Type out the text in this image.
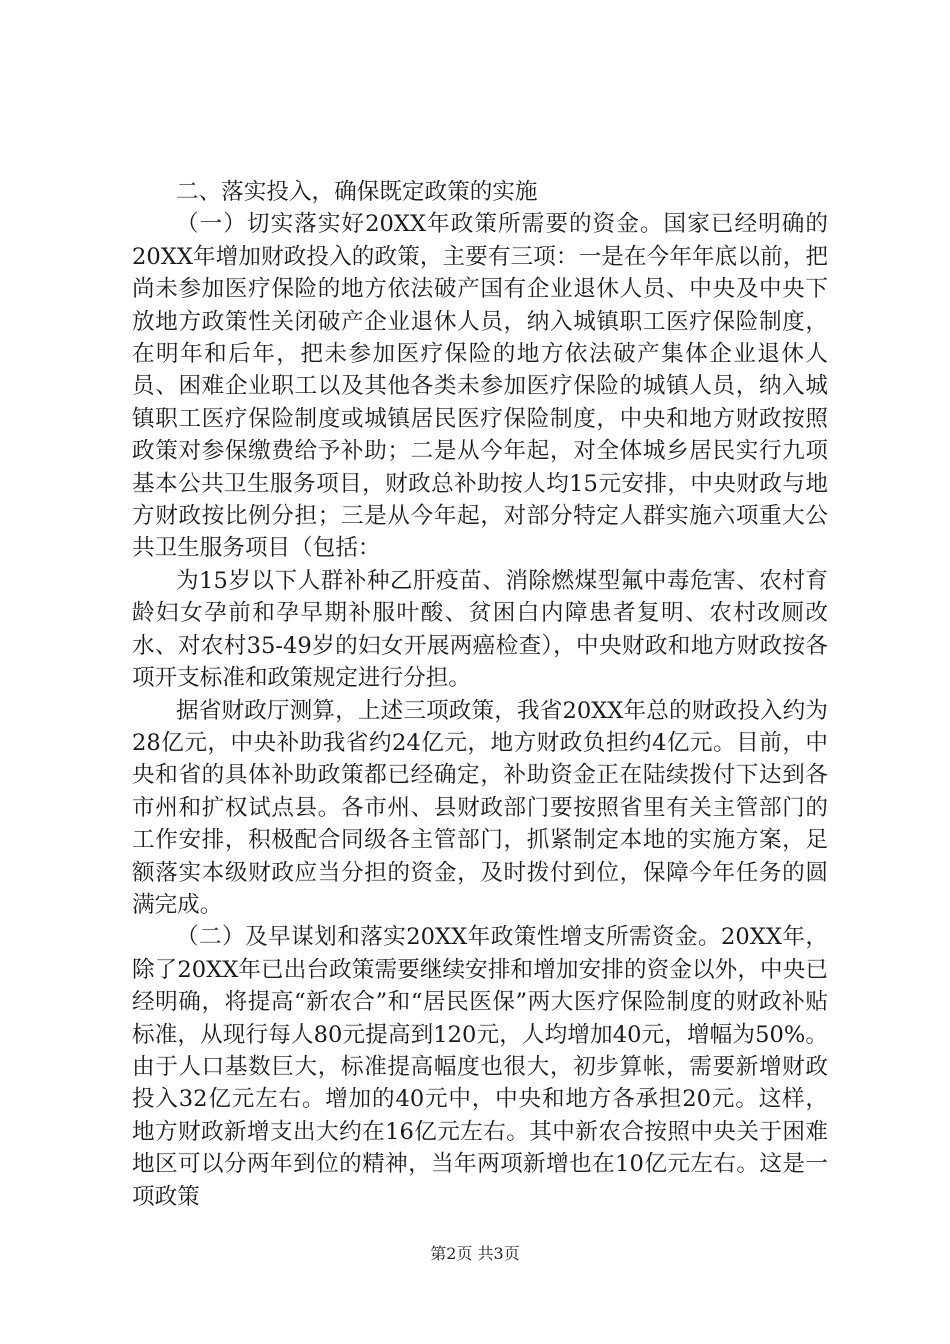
二、落实投入，确保既定政策的实施

（一）切实落实好20XX年政策所需要的资金。国家已经明确的20XX年增加财政投入的政策，主要有三项：一是在今年年底以前，把尚未参加医疗保险的地方依法破产国有企业退休人员、中央及中央下放地方政策性关闭破产企业退休人员，纳入城镇职工医疗保险制度，在明年和后年，把未参加医疗保险的地方依法破产集体企业退休人员、困难企业职工以及其他各类未参加医疗保险的城镇人员，纳入城镇职工医疗保险制度或城镇居民医疗保险制度，中央和地方财政按照政策对参保缴费给予补助；二是从今年起，对全体城乡居民实行九项基本公共卫生服务项目，财政总补助按人均15元安排，中央财政与地方财政按比例分担；三是从今年起，对部分特定人群实施六项重大公共卫生服务项目（包括：

为15岁以下人群补种乙肝疫苗、消除燃煤型氟中毒危害、农村育龄妇女孕前和孕早期补服叶酸、贫困白内障患者复明、农村改厕改水、对农村35-49岁的妇女开展两癌检查），中央财政和地方财政按各项开支标准和政策规定进行分担。

据省财政厅测算，上述三项政策，我省20XX年总的财政投入约为28亿元，中央补助我省约24亿元，地方财政负担约4亿元。目前，中央和省的具体补助政策都已经确定，补助资金正在陆续拨付下达到各市州和扩权试点县。各市州、县财政部门要按照省里有关主管部门的工作安排，积极配合同级各主管部门，抓紧制定本地的实施方案，足额落实本级财政应当分担的资金，及时拨付到位，保障今年任务的圆满完成。

（二）及早谋划和落实20XX年政策性增支所需资金。20XX年，除了20XX年已出台政策需要继续安排和增加安排的资金以外，中央已经明确，将提高“新农合”和“居民医保”两大医疗保险制度的财政补贴标准，从现行每人80元提高到120元，人均增加40元，增幅为50%。由于人口基数巨大，标准提高幅度也很大，初步算帐，需要新增财政投入32亿元左右。增加的40元中，中央和地方各承担20元。这样，地方财政新增支出大约在16亿元左右。其中新农合按照中央关于困难地区可以分两年到位的精神，当年两项新增也在10亿元左右。这是一项政策

第2页 共3页
